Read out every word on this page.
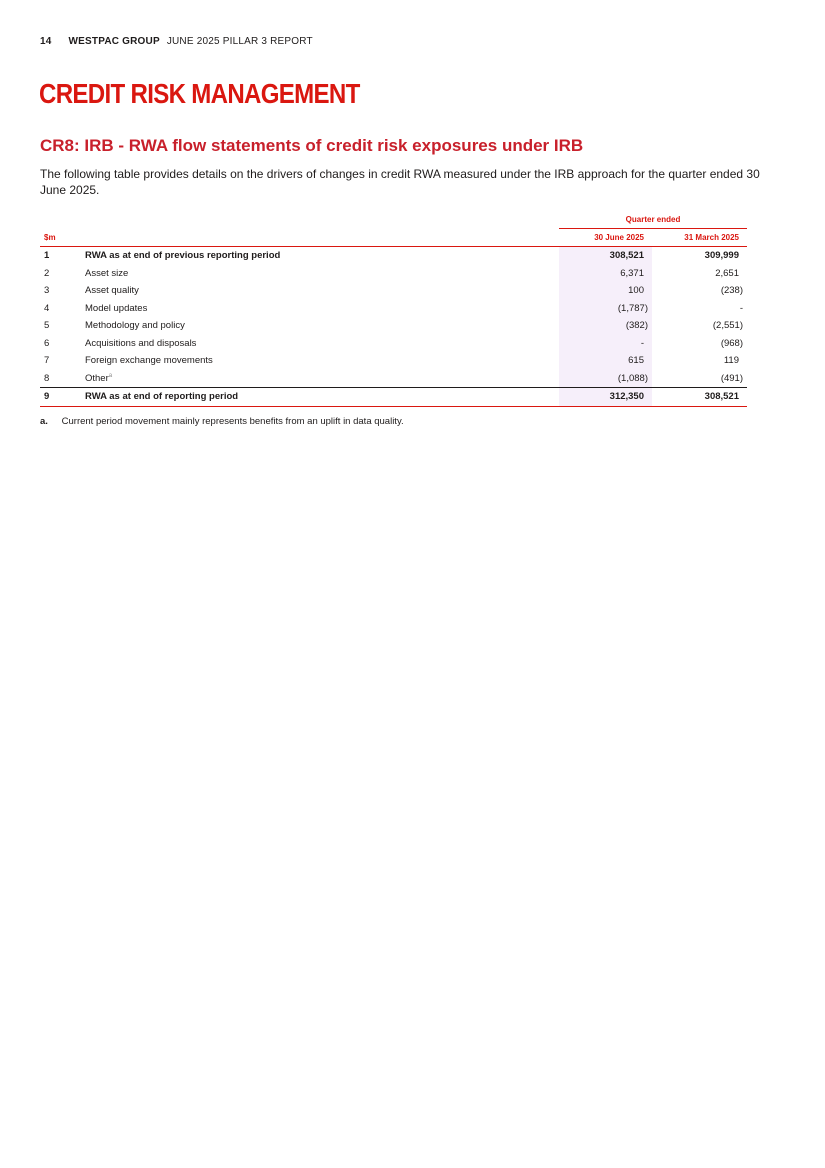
14 WESTPAC GROUP JUNE 2025 PILLAR 3 REPORT
CREDIT RISK MANAGEMENT
CR8: IRB - RWA flow statements of credit risk exposures under IRB

The following table provides details on the drivers of changes in credit RWA measured under the IRB approach for the quarter ended 30 June 2025.

		Quarter ended	
$m		30 June 2025	31 March 2025
1	RWA as at end of previous reporting period	308,521	309,999
2	Asset size	6,371	2,651
3	Asset quality	100	(238)
4	Model updates	(1,787)	-
5	Methodology and policy	(382)	(2,551)
6	Acquisitions and disposals	-	(968)
7	Foreign exchange movements	615	119
8	Other$^a$	(1,088)	(491)
9	RWA as at end of reporting period	312,350	308,521
a. Current period movement mainly represents benefits from an uplift in data quality.
